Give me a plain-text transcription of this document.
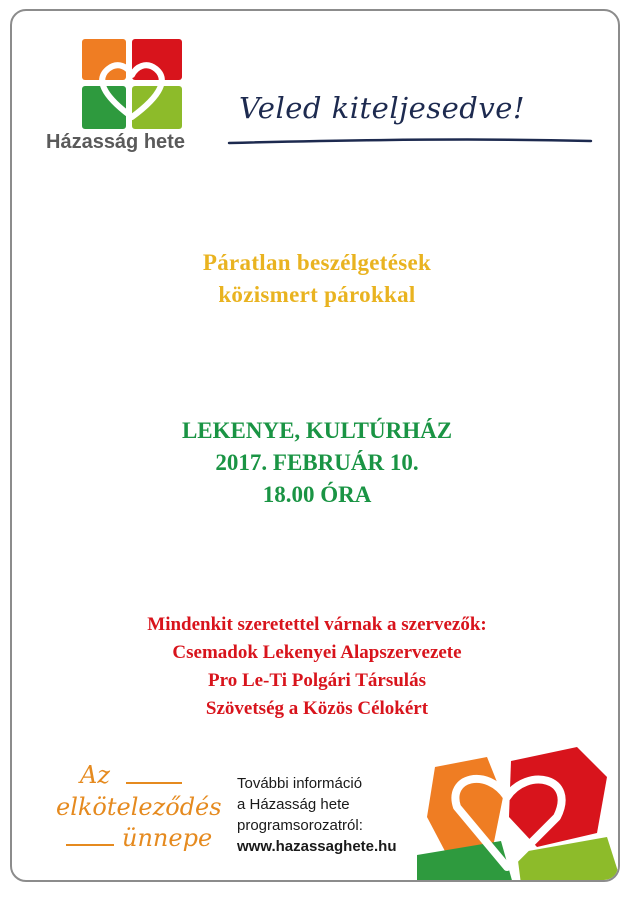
Házasság hete
Veled kiteljesedve!
Páratlan beszélgetések
közismert párokkal
LEKENYE, KULTÚRHÁZ
2017. FEBRUÁR 10.
18.00 ÓRA
Mindenkit szeretettel várnak a szervezők:
Csemadok Lekenyei Alapszervezete
Pro Le-Ti Polgári Társulás
Szövetség a Közös Célokért
Az
elköteleződés
ünnepe
További információ
a Házasság hete
programsorozatról:
www.hazassaghete.hu
